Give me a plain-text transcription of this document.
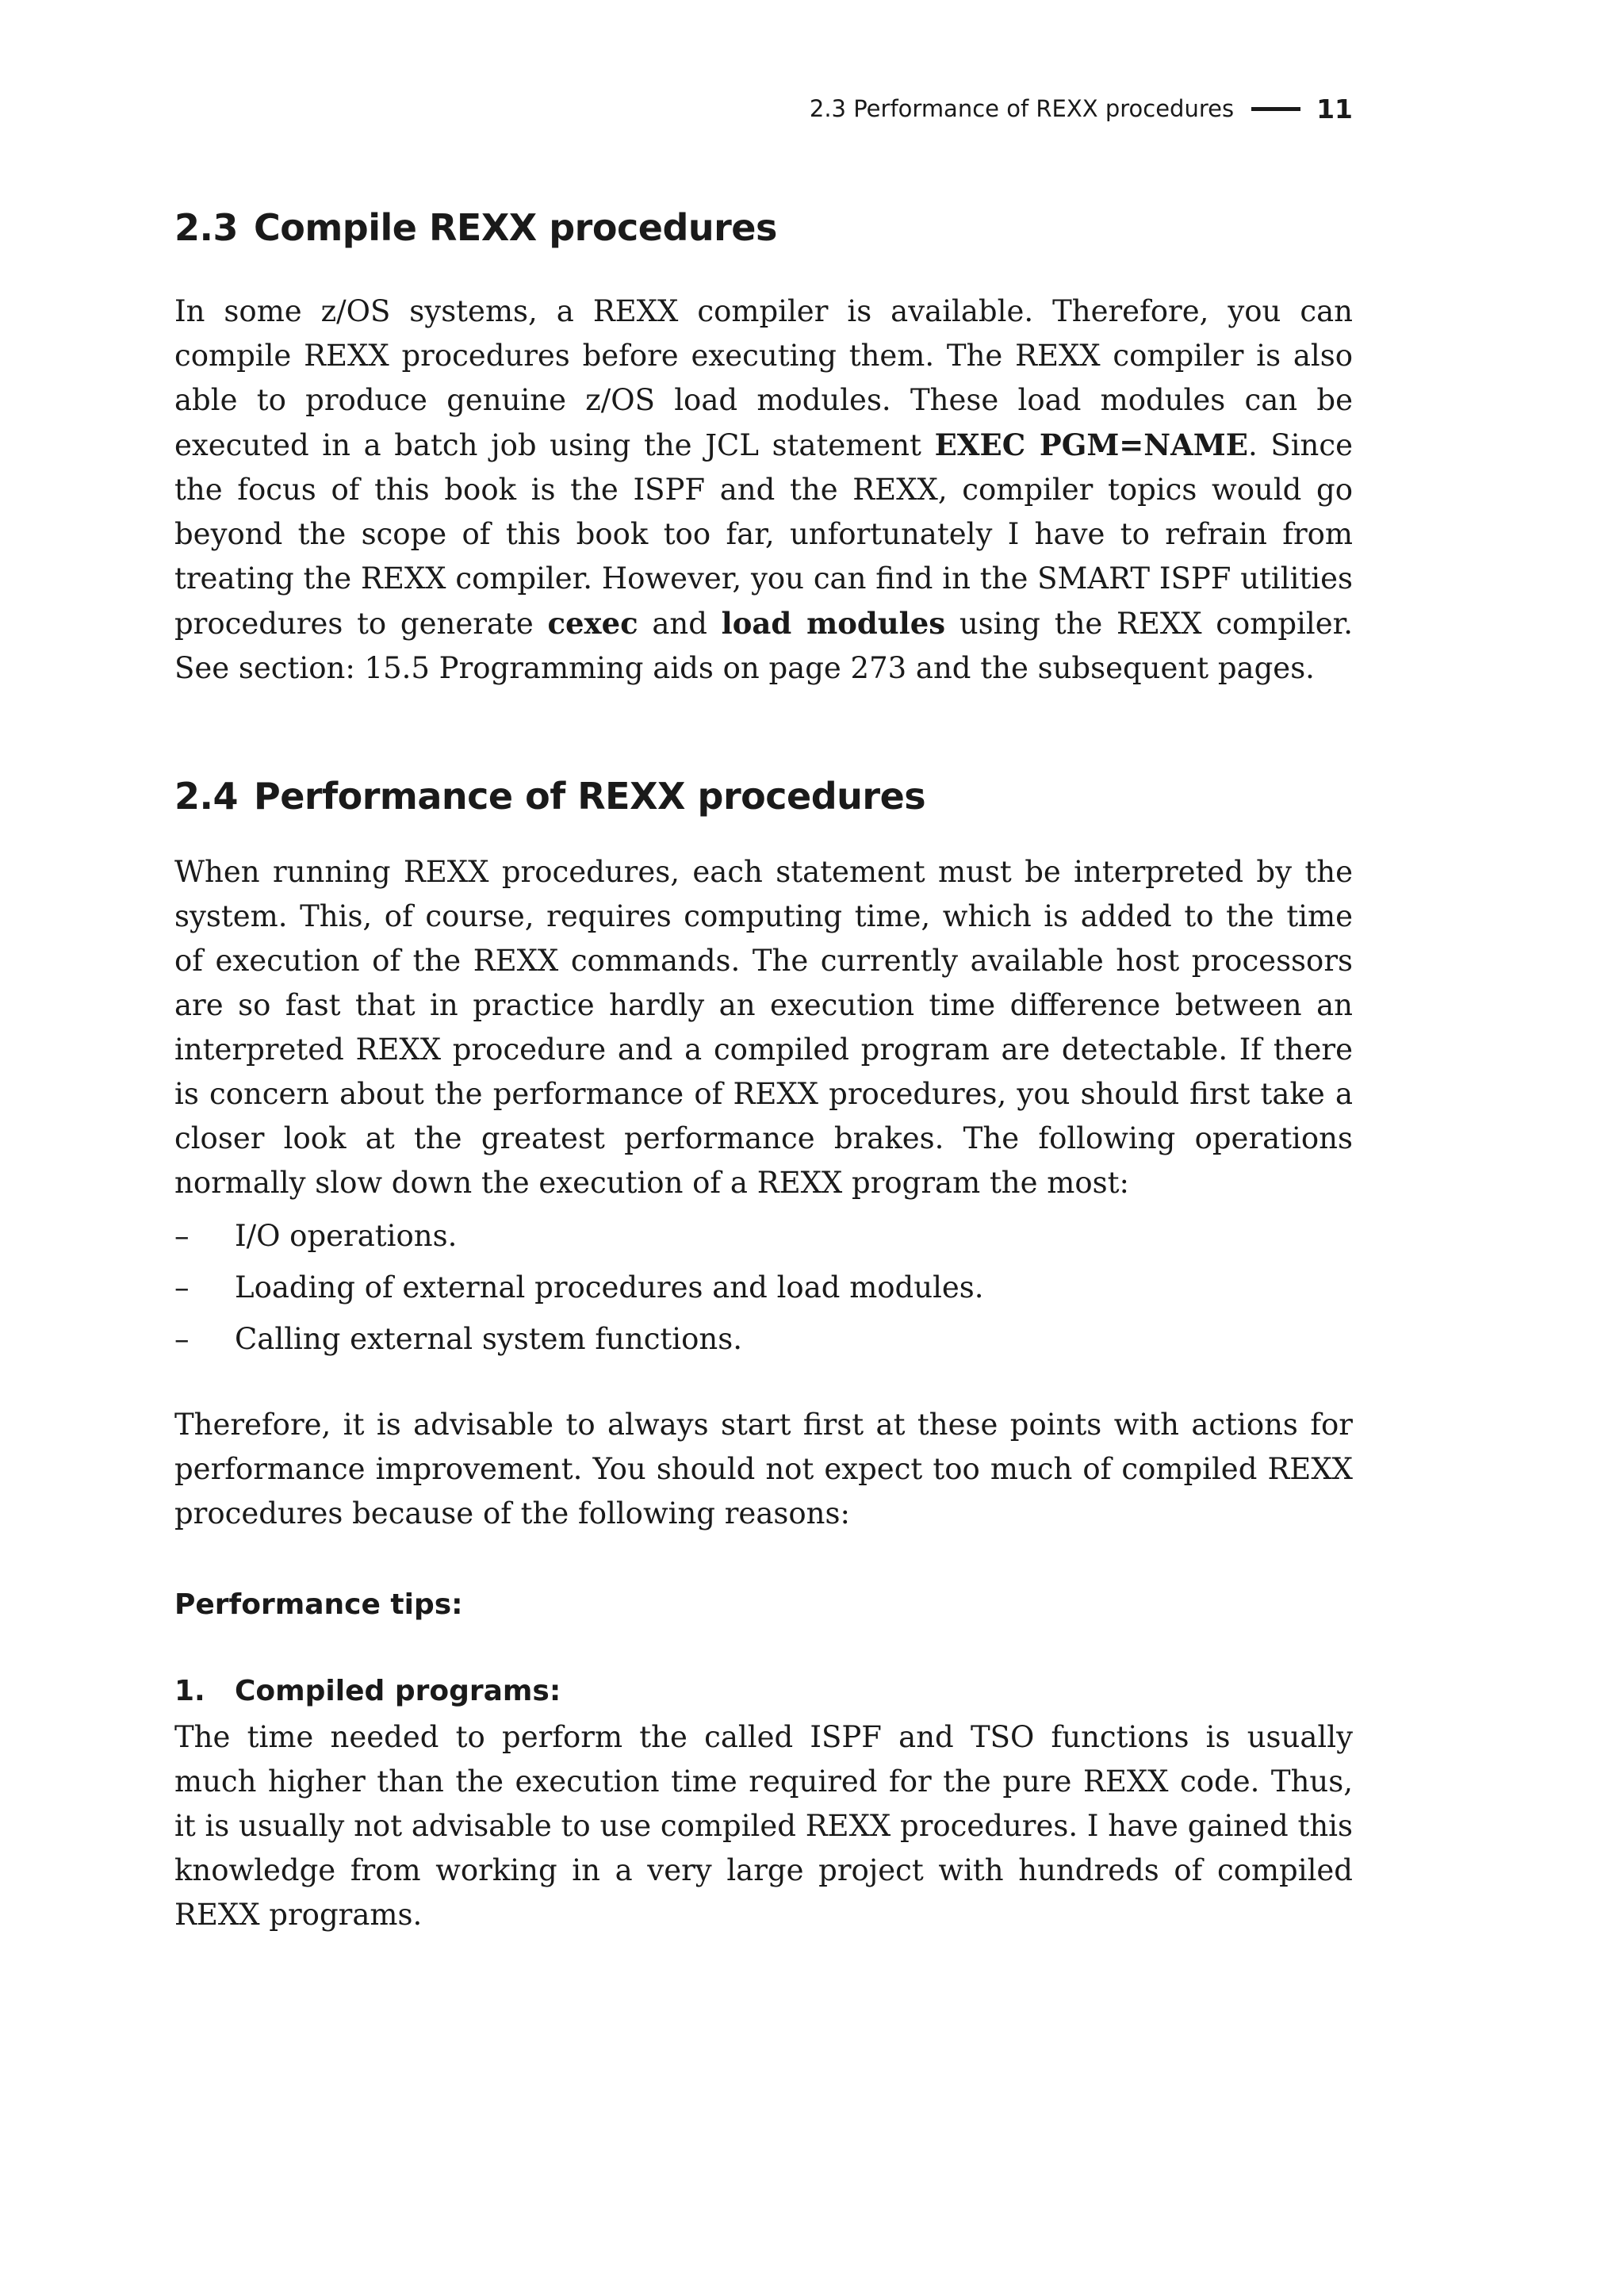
2.3 Performance of REXX procedures	11
2.3 Compile REXX procedures

In some z/OS systems, a REXX compiler is available. Therefore, you can compile REXX procedures before executing them. The REXX compiler is also able to produce genuine z/OS load modules. These load modules can be executed in a batch job using the JCL statement EXEC PGM=NAME. Since the focus of this book is the ISPF and the REXX, compiler topics would go beyond the scope of this book too far, unfortunately I have to refrain from treating the REXX compiler. However, you can find in the SMART ISPF utilities procedures to generate cexec and load modules using the REXX compiler. See section: 15.5 Programming aids on page 273 and the subsequent pages.

2.4 Performance of REXX procedures

When running REXX procedures, each statement must be interpreted by the system. This, of course, requires computing time, which is added to the time of execution of the REXX commands. The currently available host processors are so fast that in practice hardly an execution time difference between an interpreted REXX procedure and a compiled program are detectable. If there is concern about the performance of REXX procedures, you should first take a closer look at the greatest performance brakes. The following operations normally slow down the execution of a REXX program the most:

– I/O operations.
– Loading of external procedures and load modules.
– Calling external system functions.

Therefore, it is advisable to always start first at these points with actions for performance improvement. You should not expect too much of compiled REXX procedures because of the following reasons:

Performance tips:

1. Compiled programs:

The time needed to perform the called ISPF and TSO functions is usually much higher than the execution time required for the pure REXX code. Thus, it is usually not advisable to use compiled REXX procedures. I have gained this knowledge from working in a very large project with hundreds of compiled REXX programs.
